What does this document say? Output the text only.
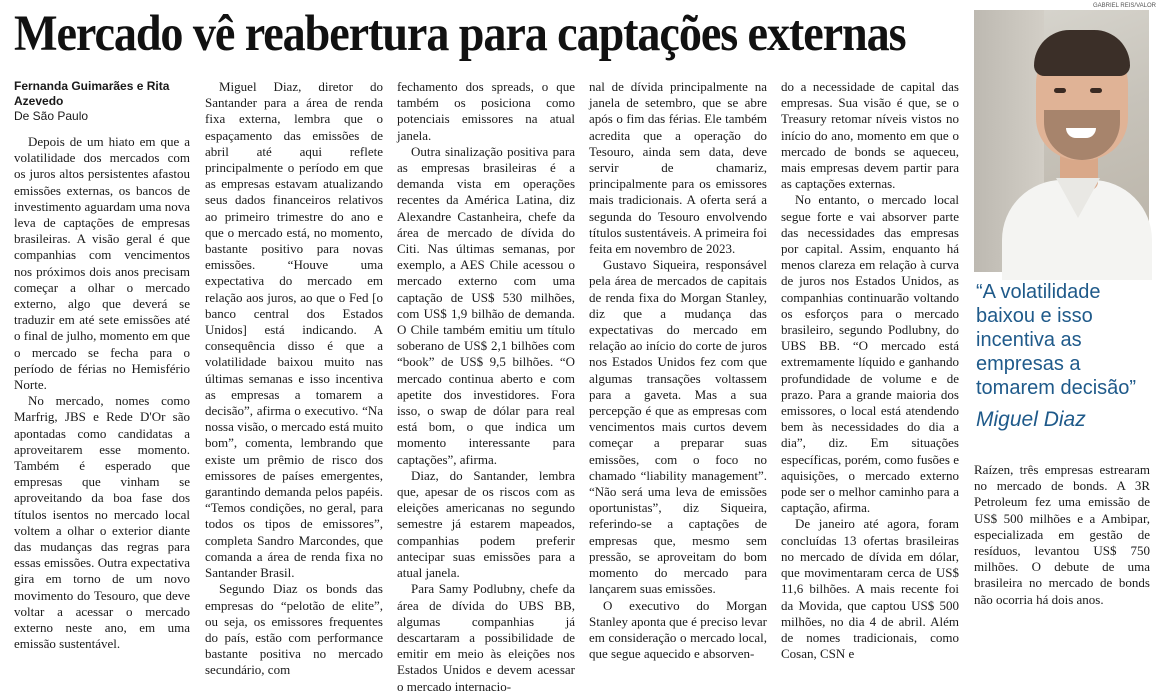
Mercado vê reabertura para captações externas

Fernanda Guimarães e Rita Azevedo

De São Paulo

Depois de um hiato em que a volatilidade dos mercados com os juros altos persistentes afastou emissões externas, os bancos de investimento aguardam uma nova leva de captações de empresas brasileiras. A visão geral é que companhias com vencimentos nos próximos dois anos precisam começar a olhar o mercado externo, algo que deverá se traduzir em até sete emissões até o final de julho, momento em que o mercado se fecha para o período de férias no Hemisfério Norte.

No mercado, nomes como Marfrig, JBS e Rede D'Or são apontadas como candidatas a aproveitarem esse momento. Também é esperado que empresas que vinham se aproveitando da boa fase dos títulos isentos no mercado local voltem a olhar o exterior diante das mudanças das regras para essas emissões. Outra expectativa gira em torno de um novo movimento do Tesouro, que deve voltar a acessar o mercado externo neste ano, em uma emissão sustentável.

Miguel Diaz, diretor do Santander para a área de renda fixa externa, lembra que o espaçamento das emissões de abril até aqui reflete principalmente o período em que as empresas estavam atualizando seus dados financeiros relativos ao primeiro trimestre do ano e que o mercado está, no momento, bastante positivo para novas emissões. “Houve uma expectativa do mercado em relação aos juros, ao que o Fed [o banco central dos Estados Unidos] está indicando. A consequência disso é que a volatilidade baixou muito nas últimas semanas e isso incentiva as empresas a tomarem a decisão”, afirma o executivo. “Na nossa visão, o mercado está muito bom”, comenta, lembrando que existe um prêmio de risco dos emissores de países emergentes, garantindo demanda pelos papéis. “Temos condições, no geral, para todos os tipos de emissores”, completa Sandro Marcondes, que comanda a área de renda fixa no Santander Brasil.

Segundo Diaz os bonds das empresas do “pelotão de elite”, ou seja, os emissores frequentes do país, estão com performance bastante positiva no mercado secundário, com

fechamento dos spreads, o que também os posiciona como potenciais emissores na atual janela.

Outra sinalização positiva para as empresas brasileiras é a demanda vista em operações recentes da América Latina, diz Alexandre Castanheira, chefe da área de mercado de dívida do Citi. Nas últimas semanas, por exemplo, a AES Chile acessou o mercado externo com uma captação de US$ 530 milhões, com US$ 1,9 bilhão de demanda. O Chile também emitiu um título soberano de US$ 2,1 bilhões com “book” de US$ 9,5 bilhões. “O mercado continua aberto e com apetite dos investidores. Fora isso, o swap de dólar para real está bom, o que indica um momento interessante para captações”, afirma.

Diaz, do Santander, lembra que, apesar de os riscos com as eleições americanas no segundo semestre já estarem mapeados, companhias podem preferir antecipar suas emissões para a atual janela.

Para Samy Podlubny, chefe da área de dívida do UBS BB, algumas companhias já descartaram a possibilidade de emitir em meio às eleições nos Estados Unidos e devem acessar o mercado internacio-

nal de dívida principalmente na janela de setembro, que se abre após o fim das férias. Ele também acredita que a operação do Tesouro, ainda sem data, deve servir de chamariz, principalmente para os emissores mais tradicionais. A oferta será a segunda do Tesouro envolvendo títulos sustentáveis. A primeira foi feita em novembro de 2023.

Gustavo Siqueira, responsável pela área de mercados de capitais de renda fixa do Morgan Stanley, diz que a mudança das expectativas do mercado em relação ao início do corte de juros nos Estados Unidos fez com que algumas transações voltassem para a gaveta. Mas a sua percepção é que as empresas com vencimentos mais curtos devem começar a preparar suas emissões, com o foco no chamado “liability management”. “Não será uma leva de emissões oportunistas”, diz Siqueira, referindo-se a captações de empresas que, mesmo sem pressão, se aproveitam do bom momento do mercado para lançarem suas emissões.

O executivo do Morgan Stanley aponta que é preciso levar em consideração o mercado local, que segue aquecido e absorven-

do a necessidade de capital das empresas. Sua visão é que, se o Treasury retomar níveis vistos no início do ano, momento em que o mercado de bonds se aqueceu, mais empresas devem partir para as captações externas.

No entanto, o mercado local segue forte e vai absorver parte das necessidades das empresas por capital. Assim, enquanto há menos clareza em relação à curva de juros nos Estados Unidos, as companhias continuarão voltando os esforços para o mercado brasileiro, segundo Podlubny, do UBS BB. “O mercado está extremamente líquido e ganhando profundidade de volume e de prazo. Para a grande maioria dos emissores, o local está atendendo bem às necessidades do dia a dia”, diz. Em situações específicas, porém, como fusões e aquisições, o mercado externo pode ser o melhor caminho para a captação, afirma.

De janeiro até agora, foram concluídas 13 ofertas brasileiras no mercado de dívida em dólar, que movimentaram cerca de US$ 11,6 bilhões. A mais recente foi da Movida, que captou US$ 500 milhões, no dia 4 de abril. Além de nomes tradicionais, como Cosan, CSN e

GABRIEL REIS/VALOR
“A volatilidade baixou e isso incentiva as empresas a tomarem decisão”
Miguel Diaz

Raízen, três empresas estrearam no mercado de bonds. A 3R Petroleum fez uma emissão de US$ 500 milhões e a Ambipar, especializada em gestão de resíduos, levantou US$ 750 milhões. O debute de uma brasileira no mercado de bonds não ocorria há dois anos.
